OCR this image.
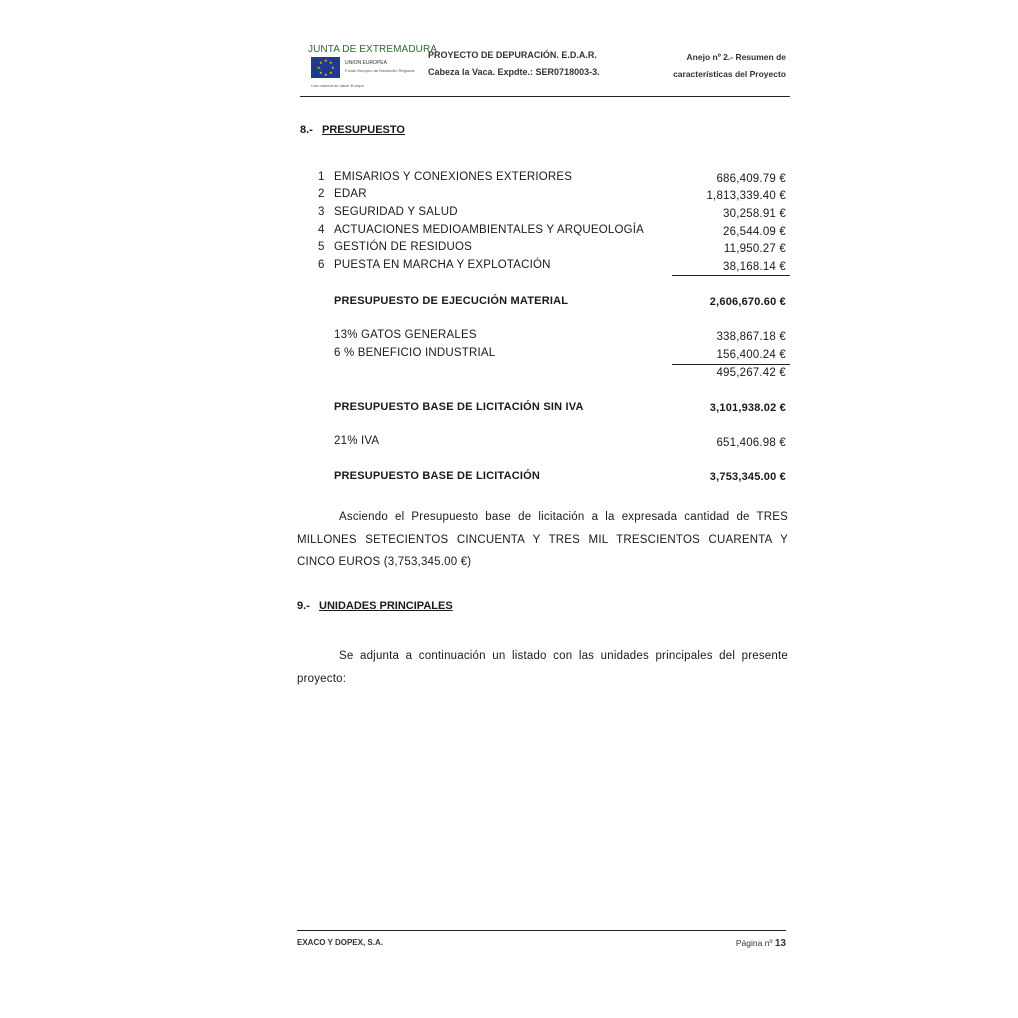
JUNTA DE EXTREMADURA
★ ★
★
★
★
★
★
★	UNION EUROPEA
Fondo Europeo de Desarrollo Regional
Una manera de hacer Europa
PROYECTO DE DEPURACIÓN. E.D.A.R.
Cabeza la Vaca. Expdte.: SER0718003-3.
Anejo nº 2.- Resumen de
características del Proyecto
8.- PRESUPUESTO
1 EMISARIOS Y CONEXIONES EXTERIORES	686,409.79 €
2 EDAR	1,813,339.40 €
3 SEGURIDAD Y SALUD	30,258.91 €
4 ACTUACIONES MEDIOAMBIENTALES Y ARQUEOLOGÍA	26,544.09 €
5 GESTIÓN DE RESIDUOS	11,950.27 €
6 PUESTA EN MARCHA Y EXPLOTACIÓN	38,168.14 €
PRESUPUESTO DE EJECUCIÓN MATERIAL	2,606,670.60 €
13% GATOS GENERALES	338,867.18 €
6 % BENEFICIO INDUSTRIAL	156,400.24 €
495,267.42 €
PRESUPUESTO BASE DE LICITACIÓN SIN IVA	3,101,938.02 €
21% IVA	651,406.98 €
PRESUPUESTO BASE DE LICITACIÓN	3,753,345.00 €
Asciendo el Presupuesto base de licitación a la expresada cantidad de TRES MILLONES SETECIENTOS CINCUENTA Y TRES MIL TRESCIENTOS CUARENTA Y CINCO EUROS (3,753,345.00 €)
9.- UNIDADES PRINCIPALES
Se adjunta a continuación un listado con las unidades principales del presente proyecto:
EXACO Y DOPEX, S.A.	Página nº 13
